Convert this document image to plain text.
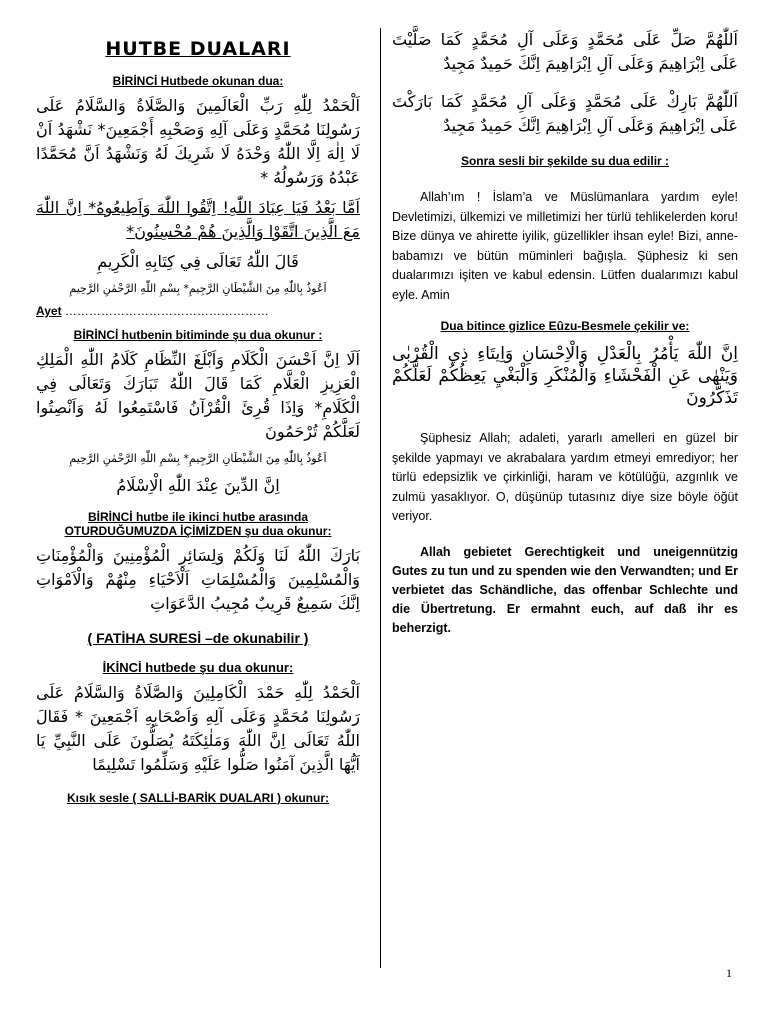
HUTBE DUALARI
BİRİNCİ Hutbede okunan dua:
اَلْحَمْدُ لِلّٰهِ رَبِّ الْعَالَمِينَ وَالصَّلَاةُ وَالسَّلَامُ عَلَى رَسُولِنَا مُحَمَّدٍ وَعَلَى آلِهِ وَصَحْبِهِ أَجْمَعِينَ* نَشْهَدُ اَنْ لَا اِلٰهَ اِلَّا اللّٰهُ وَحْدَهُ لَا شَرِيكَ لَهُ وَنَشْهَدُ اَنَّ مُحَمَّدًا عَبْدُهُ وَرَسُولُهُ *
اَمَّا بَعْدُ فَيَا عِبَادَ اللّٰهِ! اِتَّقُوا اللّٰهَ وَاَطِيعُوهُ* اِنَّ اللّٰهَ مَعَ الَّذِينَ اتَّقَوْا وَالَّذِينَ هُمْ مُحْسِنُونَ*
قَالَ اللّٰهُ تَعَالَى فِي كِتَابِهِ الْكَرِيمِ
اَعُوذُ بِاللّٰهِ مِنَ الشَّيْطَانِ الرَّجِيمِ* بِسْمِ اللّٰهِ الرَّحْمٰنِ الرَّحِيمِ
Ayet ……………………………………………
BİRİNCİ hutbenin bitiminde şu dua okunur :
اَلَا اِنَّ اَحْسَنَ الْكَلَامِ وَاَبْلَغَ النِّظَامِ كَلَامُ اللّٰهِ الْمَلِكِ الْعَزِيزِ الْعَلَّامِ كَمَا قَالَ اللّٰهُ تَبَارَكَ وَتَعَالَى فِي الْكَلَامِ* وَاِذَا قُرِئَ الْقُرْآنُ فَاسْتَمِعُوا لَهُ وَاَنْصِتُوا لَعَلَّكُمْ تُرْحَمُونَ
اَعُوذُ بِاللّٰهِ مِنَ الشَّيْطَانِ الرَّجِيمِ* بِسْمِ اللّٰهِ الرَّحْمٰنِ الرَّحِيمِ
اِنَّ الدِّينَ عِنْدَ اللّٰهِ الْاِسْلَامُ
BİRİNCİ hutbe ile ikinci hutbe arasında
OTURDUĞUMUZDA İÇİMİZDEN şu dua okunur:
بَارَكَ اللّٰهُ لَنَا وَلَكُمْ وَلِسَائِرِ الْمُؤْمِنِينَ وَالْمُؤْمِنَاتِ وَالْمُسْلِمِينَ وَالْمُسْلِمَاتِ اَلْاَحْيَاءِ مِنْهُمْ وَالْاَمْوَاتِ اِنَّكَ سَمِيعٌ قَرِيبٌ مُجِيبُ الدَّعَوَاتِ
( FATİHA SURESİ –de okunabilir )
İKİNCİ hutbede şu dua okunur:
اَلْحَمْدُ لِلّٰهِ حَمْدَ الْكَامِلِينَ وَالصَّلَاةُ وَالسَّلَامُ عَلَى رَسُولِنَا مُحَمَّدٍ وَعَلَى آلِهِ وَاَصْحَابِهِ اَجْمَعِينَ * فَقَالَ اللّٰهُ تَعَالَى اِنَّ اللّٰهَ وَمَلٰئِكَتَهُ يُصَلُّونَ عَلَى النَّبِيِّ يَا اَيُّهَا الَّذِينَ آمَنُوا صَلُّوا عَلَيْهِ وَسَلِّمُوا تَسْلِيمًا
Kısık sesle ( SALLİ-BARİK DUALARI ) okunur:
اَللّٰهُمَّ صَلِّ عَلَى مُحَمَّدٍ وَعَلَى آلِ مُحَمَّدٍ كَمَا صَلَّيْتَ عَلَى اِبْرَاهِيمَ وَعَلَى آلِ اِبْرَاهِيمَ اِنَّكَ حَمِيدٌ مَجِيدٌ
اَللّٰهُمَّ بَارِكْ عَلَى مُحَمَّدٍ وَعَلَى آلِ مُحَمَّدٍ كَمَا بَارَكْتَ عَلَى اِبْرَاهِيمَ وَعَلَى آلِ اِبْرَاهِيمَ اِنَّكَ حَمِيدٌ مَجِيدٌ
Sonra sesli bir şekilde su dua edilir :

Allah’ım ! İslam’a ve Müslümanlara yardım eyle! Devletimizi, ülkemizi ve milletimizi her türlü tehlikelerden koru! Bize dünya ve ahirette iyilik, güzellikler ihsan eyle! Bizi, anne-babamızı ve bütün müminleri bağışla. Şüphesiz ki sen dualarımızı işiten ve kabul edensin. Lütfen dualarımızı kabul eyle. Amin

Dua bitince gizlice Eûzu-Besmele çekilir ve:
اِنَّ اللّٰهَ يَأْمُرُ بِالْعَدْلِ وَالْاِحْسَانِ وَاِيتَاءِ ذِي الْقُرْبٰى وَيَنْهٰى عَنِ الْفَحْشَاءِ وَالْمُنْكَرِ وَالْبَغْيِ يَعِظُكُمْ لَعَلَّكُمْ تَذَكَّرُونَ

Şüphesiz Allah; adaleti, yararlı amelleri en güzel bir şekilde yapmayı ve akrabalara yardım etmeyi emrediyor; her türlü edepsizlik ve çirkinliği, haram ve kötülüğü, azgınlık ve zulmü yasaklıyor. O, düşünüp tutasınız diye size böyle öğüt veriyor.

Allah gebietet Gerechtigkeit und uneigennützig Gutes zu tun und zu spenden wie den Verwandten; und Er verbietet das Schändliche, das offenbar Schlechte und die Übertretung. Er ermahnt euch, auf daß ihr es beherzigt.

1
